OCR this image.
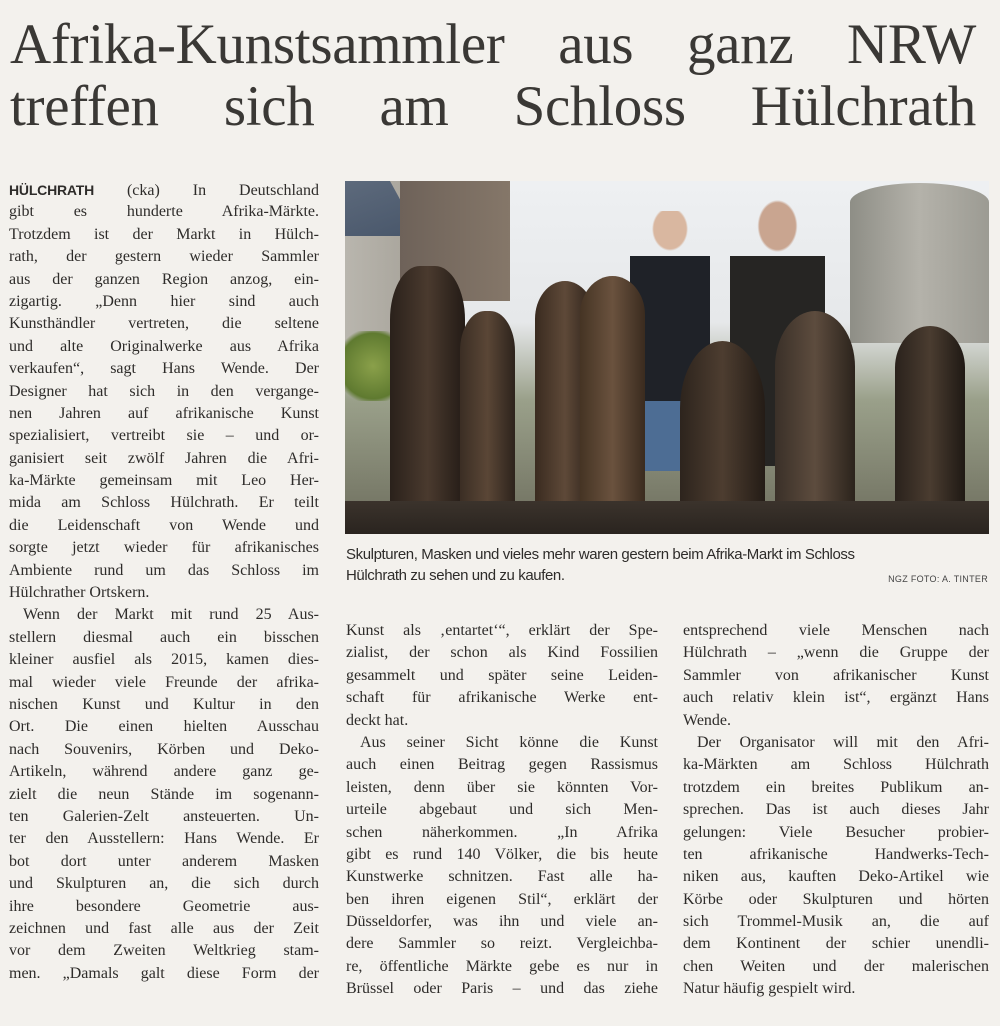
Afrika-Kunstsammler aus ganz NRW
treffen sich am Schloss Hülchrath
HÜLCHRATH (cka) In Deutschland
gibt es hunderte Afrika-Märkte.
Trotzdem ist der Markt in Hülch-
rath, der gestern wieder Sammler
aus der ganzen Region anzog, ein-
zigartig. „Denn hier sind auch
Kunsthändler vertreten, die seltene
und alte Originalwerke aus Afrika
verkaufen“, sagt Hans Wende. Der
Designer hat sich in den vergange-
nen Jahren auf afrikanische Kunst
spezialisiert, vertreibt sie – und or-
ganisiert seit zwölf Jahren die Afri-
ka-Märkte gemeinsam mit Leo Her-
mida am Schloss Hülchrath. Er teilt
die Leidenschaft von Wende und
sorgte jetzt wieder für afrikanisches
Ambiente rund um das Schloss im
Hülchrather Ortskern.
Wenn der Markt mit rund 25 Aus-
stellern diesmal auch ein bisschen
kleiner ausfiel als 2015, kamen dies-
mal wieder viele Freunde der afrika-
nischen Kunst und Kultur in den
Ort. Die einen hielten Ausschau
nach Souvenirs, Körben und Deko-
Artikeln, während andere ganz ge-
zielt die neun Stände im sogenann-
ten Galerien-Zelt ansteuerten. Un-
ter den Ausstellern: Hans Wende. Er
bot dort unter anderem Masken
und Skulpturen an, die sich durch
ihre besondere Geometrie aus-
zeichnen und fast alle aus der Zeit
vor dem Zweiten Weltkrieg stam-
men. „Damals galt diese Form der
Skulpturen, Masken und vieles mehr waren gestern beim Afrika-Markt im Schloss
Hülchrath zu sehen und zu kaufen.	NGZ FOTO: A. TINTER
Kunst als ‚entartet‘“, erklärt der Spe-
zialist, der schon als Kind Fossilien
gesammelt und später seine Leiden-
schaft für afrikanische Werke ent-
deckt hat.
Aus seiner Sicht könne die Kunst
auch einen Beitrag gegen Rassismus
leisten, denn über sie könnten Vor-
urteile abgebaut und sich Men-
schen näherkommen. „In Afrika
gibt es rund 140 Völker, die bis heute
Kunstwerke schnitzen. Fast alle ha-
ben ihren eigenen Stil“, erklärt der
Düsseldorfer, was ihn und viele an-
dere Sammler so reizt. Vergleichba-
re, öffentliche Märkte gebe es nur in
Brüssel oder Paris – und das ziehe
entsprechend viele Menschen nach
Hülchrath – „wenn die Gruppe der
Sammler von afrikanischer Kunst
auch relativ klein ist“, ergänzt Hans
Wende.
Der Organisator will mit den Afri-
ka-Märkten am Schloss Hülchrath
trotzdem ein breites Publikum an-
sprechen. Das ist auch dieses Jahr
gelungen: Viele Besucher probier-
ten afrikanische Handwerks-Tech-
niken aus, kauften Deko-Artikel wie
Körbe oder Skulpturen und hörten
sich Trommel-Musik an, die auf
dem Kontinent der schier unendli-
chen Weiten und der malerischen
Natur häufig gespielt wird.
